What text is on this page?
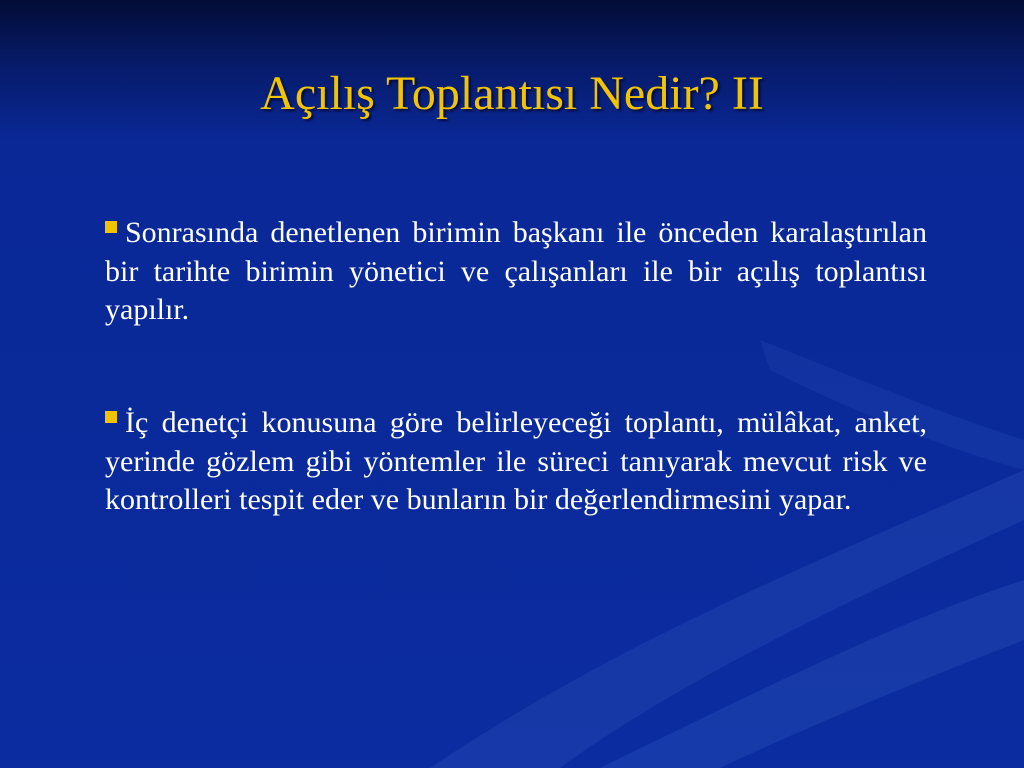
Açılış Toplantısı Nedir? II

Sonrasında denetlenen birimin başkanı ile önceden karalaştırılan bir tarihte birimin yönetici ve çalışanları ile bir açılış toplantısı yapılır.

İç denetçi konusuna göre belirleyeceği toplantı, mülâkat, anket, yerinde gözlem gibi yöntemler ile süreci tanıyarak mevcut risk ve kontrolleri tespit eder ve bunların bir değerlendirmesini yapar.
